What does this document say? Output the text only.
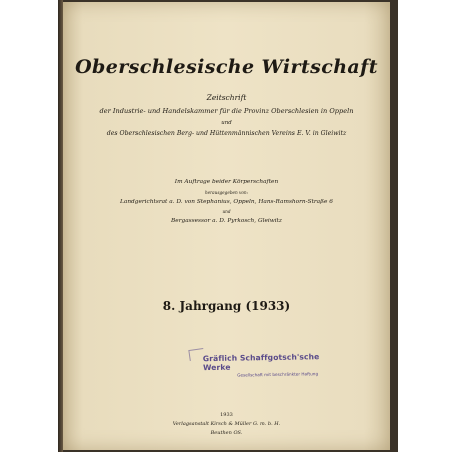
Oberschlesische Wirtschaft
Zeitschrift
der Industrie- und Handelskammer für die Provinz Oberschlesien in Oppeln
und
des Oberschlesischen Berg- und Hüttenmännischen Vereins E. V. in Gleiwitz
Im Auftrage beider Körperschaften
herausgegeben von:
Landgerichtsrat a. D. von Stephanius, Oppeln, Hans-Ramshorn-Straße 6
und
Bergassessor a. D. Pyrkosch, Gleiwitz
8. Jahrgang (1933)
1933
Verlagsanstalt Kirsch & Müller G. m. b. H.
Beuthen OS.
Gräflich Schaffgotsch'sche Werke
Gesellschaft mit beschränkter Haftung
